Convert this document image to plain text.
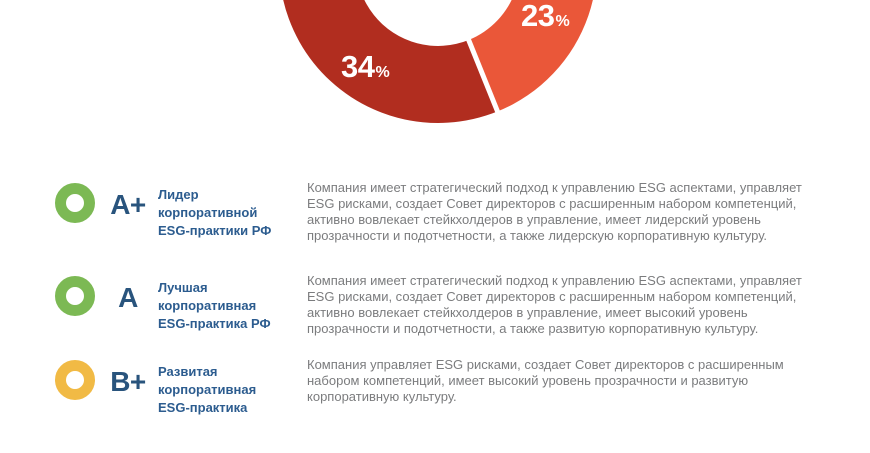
34 %
23 %
A+ Лидер корпоративной ESG-практики РФ
Компания имеет стратегический подход к управлению ESG аспектами, управляет ESG рисками, создает Совет директоров с расширенным набором компетенций, активно вовлекает стейкхолдеров в управление, имеет лидерский уровень прозрачности и подотчетности, а также лидерскую корпоративную культуру.
A	Лучшая корпоративная ESG-практика РФ
Компания имеет стратегический подход к управлению ESG аспектами, управляет ESG рисками, создает Совет директоров с расширенным набором компетенций, активно вовлекает стейкхолдеров в управление, имеет высокий уровень прозрачности и подотчетности, а также развитую корпоративную культуру.
B+ Развитая корпоративная ESG-практика
Компания управляет ESG рисками, создает Совет директоров с расширенным набором компетенций, имеет высокий уровень прозрачности и развитую корпоративную культуру.
